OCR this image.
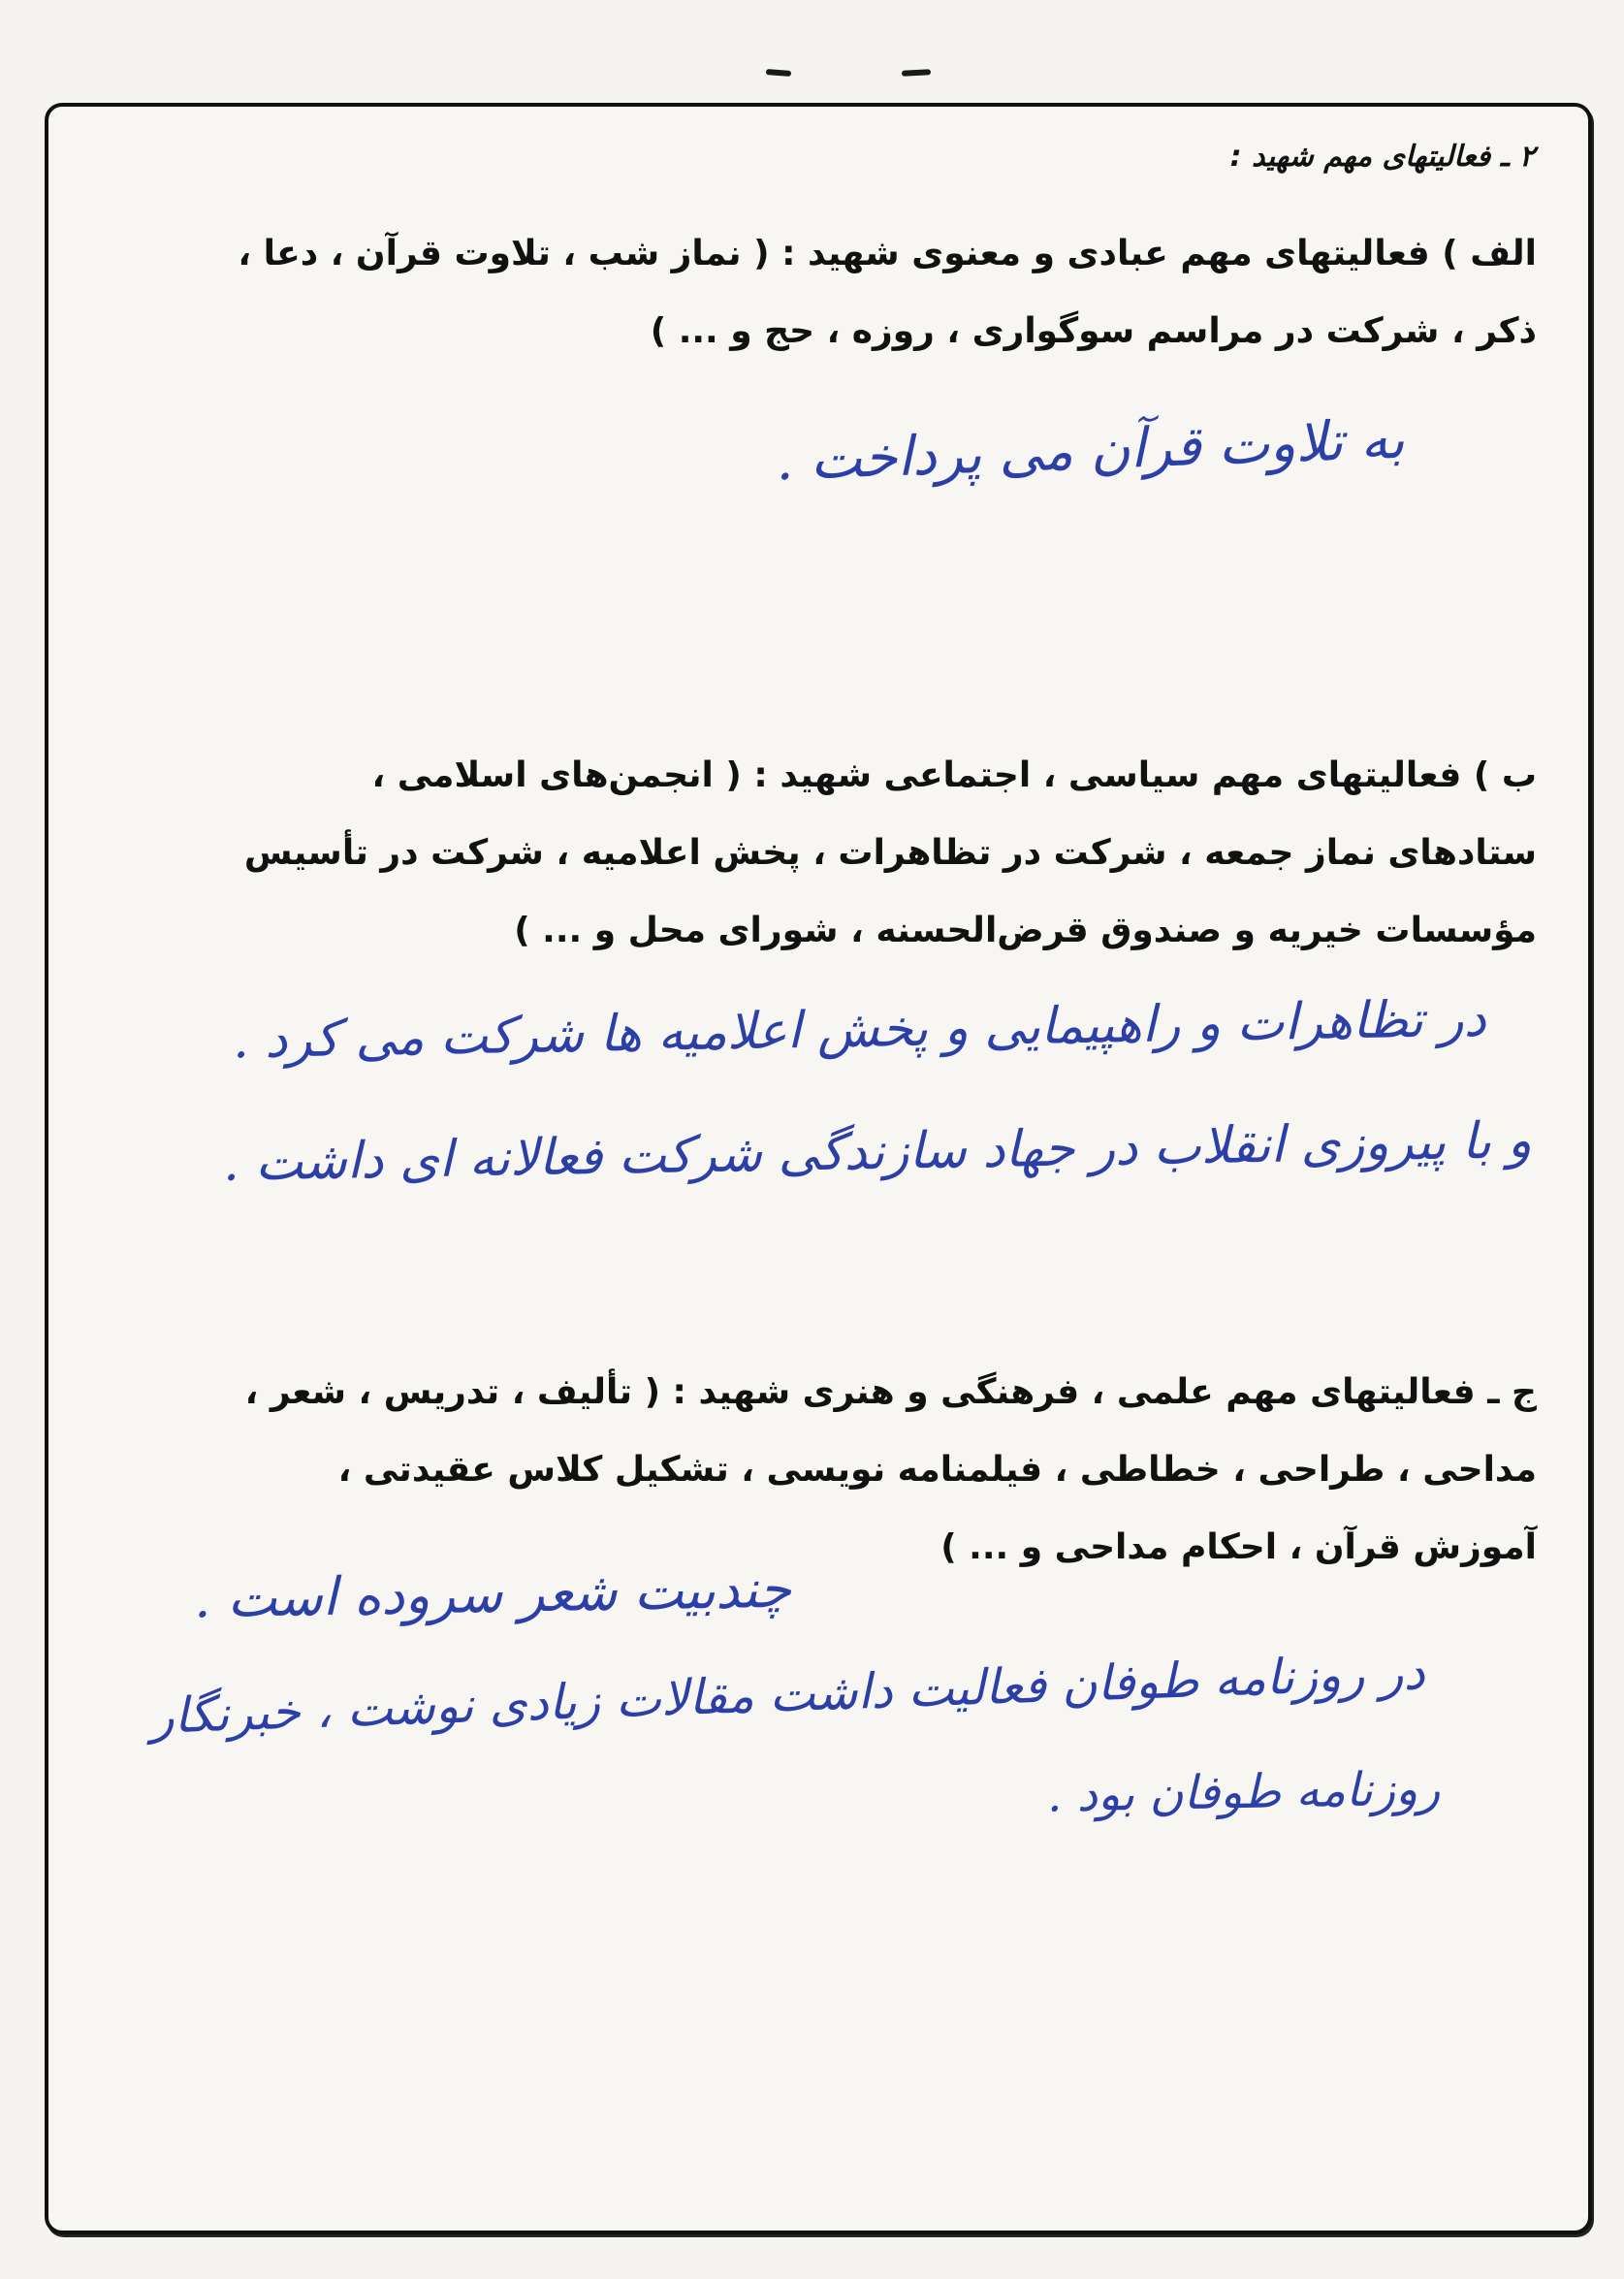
۲ ـ فعالیتهای مهم شهید :
الف ) فعالیتهای مهم عبادی و معنوی شهید : ( نماز شب ، تلاوت قرآن ، دعا ،
ذکر ، شرکت در مراسم سوگواری ، روزه ، حج و ... )
به تلاوت قرآن می پرداخت .
ب ) فعالیتهای مهم سیاسی ، اجتماعی شهید : ( انجمن‌های اسلامی ،
ستادهای نماز جمعه ، شرکت در تظاهرات ، پخش اعلامیه ، شرکت در تأسیس
مؤسسات خیریه و صندوق قرض‌الحسنه ، شورای محل و ... )
در تظاهرات و راهپیمایی و پخش اعلامیه ها شرکت می کرد .
و با پیروزی انقلاب در جهاد سازندگی شرکت فعالانه ای داشت .
ج ـ فعالیتهای مهم علمی ، فرهنگی و هنری شهید : ( تألیف ، تدریس ، شعر ،
مداحی ، طراحی ، خطاطی ، فیلمنامه نویسی ، تشکیل کلاس عقیدتی ،
آموزش قرآن ، احکام مداحی و ... )
چندبیت شعر سروده است .
در روزنامه طوفان فعالیت داشت مقالات زیادی نوشت ، خبرنگار
روزنامه طوفان بود .
